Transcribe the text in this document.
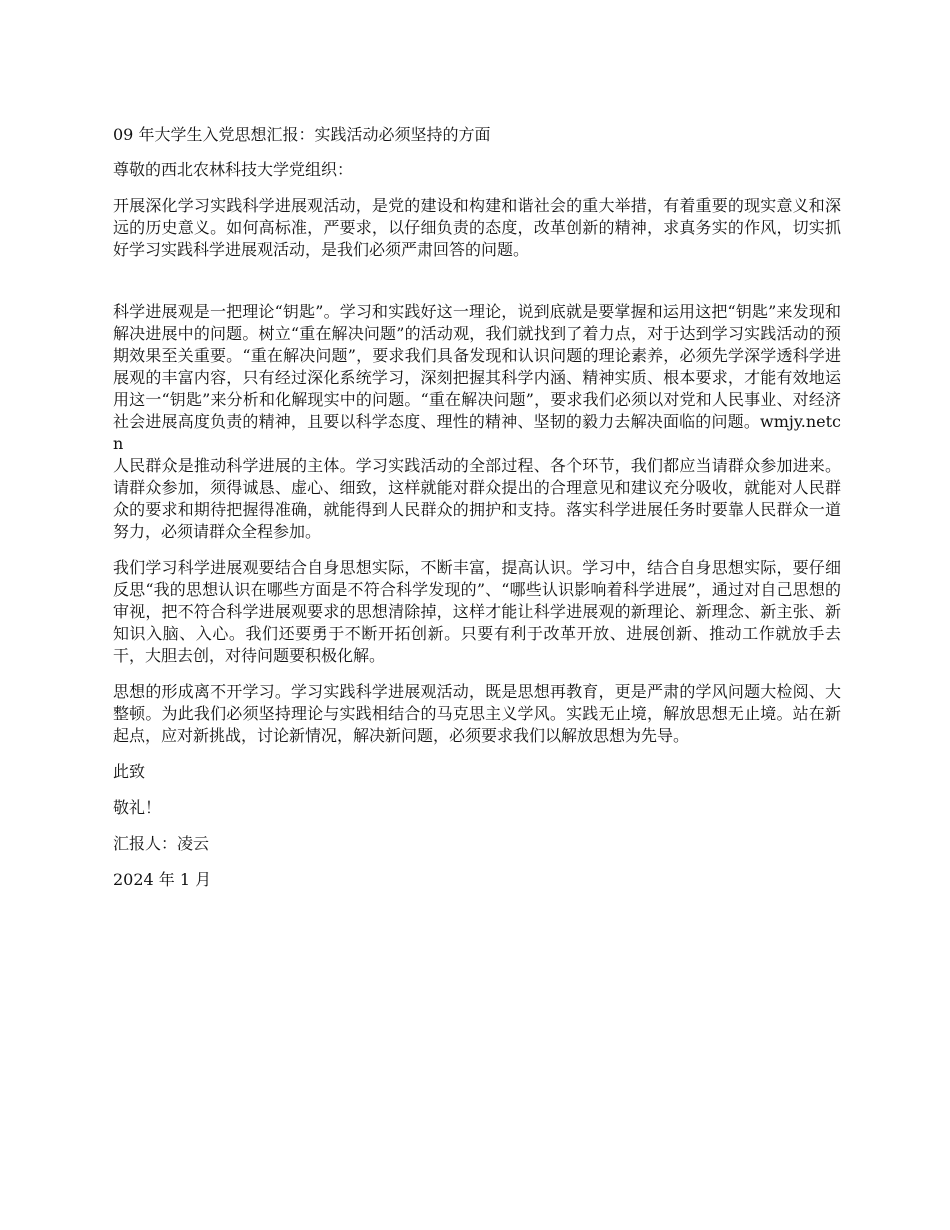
09 年大学生入党思想汇报：实践活动必须坚持的方面

尊敬的西北农林科技大学党组织：

开展深化学习实践科学进展观活动，是党的建设和构建和谐社会的重大举措，有着重要的现实意义和深远的历史意义。如何高标准，严要求，以仔细负责的态度，改革创新的精神，求真务实的作风，切实抓好学习实践科学进展观活动，是我们必须严肃回答的问题。

科学进展观是一把理论“钥匙”。学习和实践好这一理论，说到底就是要掌握和运用这把“钥匙”来发现和解决进展中的问题。树立“重在解决问题”的活动观，我们就找到了着力点，对于达到学习实践活动的预期效果至关重要。“重在解决问题”，要求我们具备发现和认识问题的理论素养，必须先学深学透科学进展观的丰富内容，只有经过深化系统学习，深刻把握其科学内涵、精神实质、根本要求，才能有效地运用这一“钥匙”来分析和化解现实中的问题。“重在解决问题”，要求我们必须以对党和人民事业、对经济社会进展高度负责的精神，且要以科学态度、理性的精神、坚韧的毅力去解决面临的问题。wmjy.netcn
人民群众是推动科学进展的主体。学习实践活动的全部过程、各个环节，我们都应当请群众参加进来。请群众参加，须得诚恳、虚心、细致，这样就能对群众提出的合理意见和建议充分吸收，就能对人民群众的要求和期待把握得准确，就能得到人民群众的拥护和支持。落实科学进展任务时要靠人民群众一道努力，必须请群众全程参加。

我们学习科学进展观要结合自身思想实际，不断丰富，提高认识。学习中，结合自身思想实际，要仔细反思“我的思想认识在哪些方面是不符合科学发现的”、“哪些认识影响着科学进展”，通过对自己思想的审视，把不符合科学进展观要求的思想清除掉，这样才能让科学进展观的新理论、新理念、新主张、新知识入脑、入心。我们还要勇于不断开拓创新。只要有利于改革开放、进展创新、推动工作就放手去干，大胆去创，对待问题要积极化解。

思想的形成离不开学习。学习实践科学进展观活动，既是思想再教育，更是严肃的学风问题大检阅、大整顿。为此我们必须坚持理论与实践相结合的马克思主义学风。实践无止境，解放思想无止境。站在新起点，应对新挑战，讨论新情况，解决新问题，必须要求我们以解放思想为先导。

此致

敬礼！

汇报人：凌云

2024 年 1 月
